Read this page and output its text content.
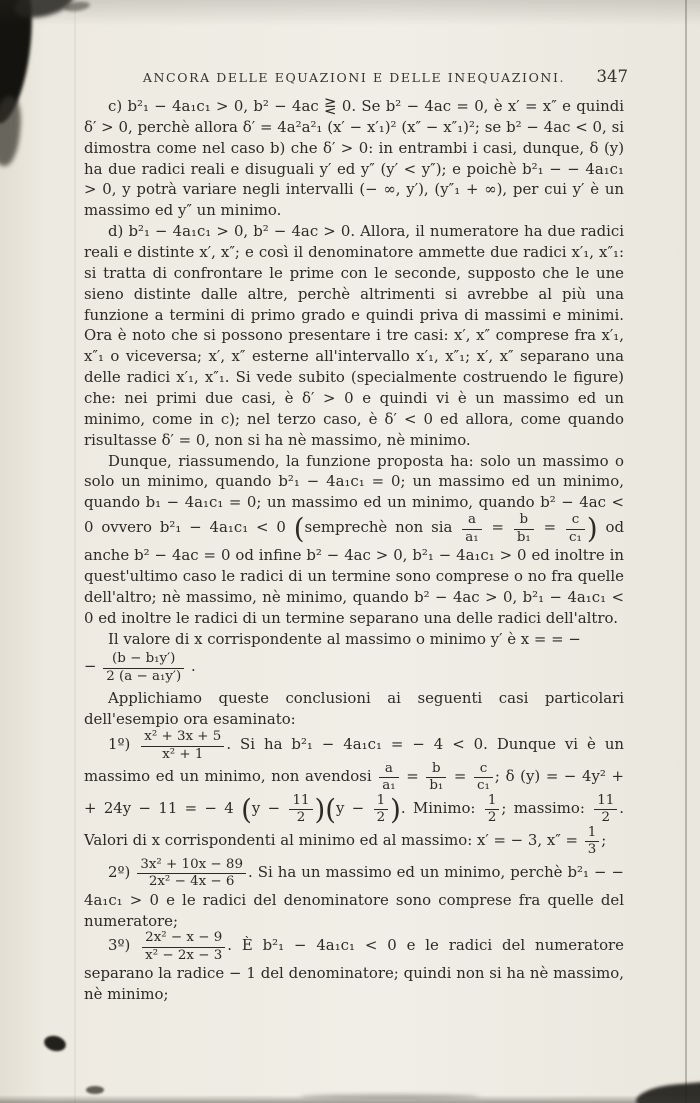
ANCORA DELLE EQUAZIONI E DELLE INEQUAZIONI. 347

c) b²₁ − 4a₁c₁ > 0, b² − 4ac ⋛ 0. Se b² − 4ac = 0, è x′ = x″ e quindi δ′ > 0, perchè allora δ′ = 4a²a²₁ (x′ − x′₁)² (x″ − x″₁)²; se b² − 4ac < 0, si dimostra come nel caso b) che δ′ > 0: in entrambi i casi, dunque, δ (y) ha due radici reali e disuguali y′ ed y″ (y′ < y″); e poichè b²₁ − − 4a₁c₁ > 0, y potrà variare negli intervalli (− ∞, y′), (y″₁ + ∞), per cui y′ è un massimo ed y″ un minimo.

d) b²₁ − 4a₁c₁ > 0, b² − 4ac > 0. Allora, il numeratore ha due radici reali e distinte x′, x″; e così il denominatore ammette due radici x′₁, x″₁: si tratta di confrontare le prime con le seconde, supposto che le une sieno distinte dalle altre, perchè altrimenti si avrebbe al più una funzione a termini di primo grado e quindi priva di massimi e minimi. Ora è noto che si possono presentare i tre casi: x′, x″ comprese fra x′₁, x″₁ o viceversa; x′, x″ esterne all'intervallo x′₁, x″₁; x′, x″ separano una delle radici x′₁, x″₁. Si vede subito (specialmente costruendo le figure) che: nei primi due casi, è δ′ > 0 e quindi vi è un massimo ed un minimo, come in c); nel terzo caso, è δ′ < 0 ed allora, come quando risultasse δ′ = 0, non si ha nè massimo, nè minimo.

Dunque, riassumendo, la funzione proposta ha: solo un massimo o solo un minimo, quando b²₁ − 4a₁c₁ = 0; un massimo ed un minimo, quando b₁ − 4a₁c₁ = 0; un massimo ed un minimo, quando b² − 4ac < 0 ovvero b²₁ − 4a₁c₁ < 0 (semprechè non sia $\frac{a}{\text{a₁}} = \frac{b}{\text{b₁}} = \frac{c}{\text{c₁}}$ ) od anche b² − 4ac = 0 od infine b² − 4ac > 0, b²₁ − 4a₁c₁ > 0 ed inoltre in quest'ultimo caso le radici di un termine sono comprese o no fra quelle dell'altro; nè massimo, nè minimo, quando b² − 4ac > 0, b²₁ − 4a₁c₁ < 0 ed inoltre le radici di un termine separano una delle radici dell'altro.

Il valore di x corrispondente al massimo o minimo y′ è x = = −

− $\frac{\text{(b − b₁y′)}}{\text{2 (a − a₁y′)}}$ .

Applichiamo queste conclusioni ai seguenti casi particolari dell'esempio ora esaminato:

1º) $\frac{\text{x² + 3x + 5}}{\text{x² + 1}}$ . Si ha b²₁ − 4a₁c₁ = − 4 < 0. Dunque vi è un massimo ed un minimo, non avendosi $\frac{a}{\text{a₁}} = \frac{b}{\text{b₁}} = \frac{c}{\text{c₁}}$ ; δ (y) = − 4y² + + 24y − 11 = − 4 $(y - \frac{11}{2} )(y - \frac{1}{2}$ ). Minimo: $\frac{1}{2}$ ; massimo: $\frac{11}{2}$ . Valori di x corrispondenti al minimo ed al massimo: x′ = − 3, $x'' = \frac{1}{3}$ ;

2º) $\frac{\text{3x² + 10x − 89}}{\text{2x² − 4x − 6}}$ . Si ha un massimo ed un minimo, perchè b²₁ − − 4a₁c₁ > 0 e le radici del denominatore sono comprese fra quelle del numeratore;

3º) $\frac{\text{2x² − x − 9}}{\text{x² − 2x − 3}}$ . È b²₁ − 4a₁c₁ < 0 e le radici del numeratore separano la radice − 1 del denominatore; quindi non si ha nè massimo, nè minimo;
